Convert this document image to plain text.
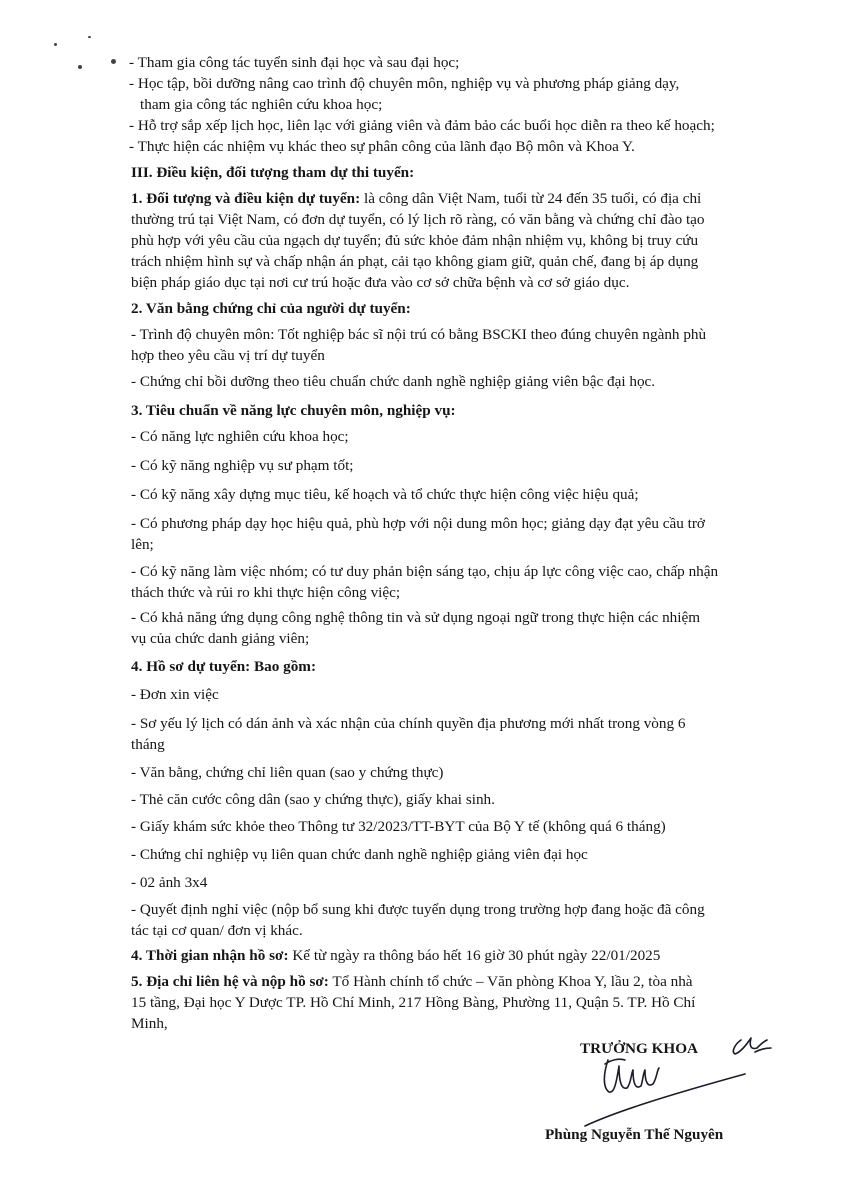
- Tham gia công tác tuyển sinh đại học và sau đại học;
- Học tập, bồi dưỡng nâng cao trình độ chuyên môn, nghiệp vụ và phương pháp giảng dạy,
tham gia công tác nghiên cứu khoa học;
- Hỗ trợ sắp xếp lịch học, liên lạc với giảng viên và đảm bảo các buổi học diễn ra theo kế hoạch;
- Thực hiện các nhiệm vụ khác theo sự phân công của lãnh đạo Bộ môn và Khoa Y.
III. Điều kiện, đối tượng tham dự thi tuyển:
1. Đối tượng và điều kiện dự tuyển: là công dân Việt Nam, tuổi từ 24 đến 35 tuổi, có địa chỉ
thường trú tại Việt Nam, có đơn dự tuyển, có lý lịch rõ ràng, có văn bằng và chứng chỉ đào tạo
phù hợp với yêu cầu của ngạch dự tuyển; đủ sức khỏe đảm nhận nhiệm vụ, không bị truy cứu
trách nhiệm hình sự và chấp nhận án phạt, cải tạo không giam giữ, quản chế, đang bị áp dụng
biện pháp giáo dục tại nơi cư trú hoặc đưa vào cơ sở chữa bệnh và cơ sở giáo dục.
2. Văn bằng chứng chỉ của người dự tuyển:
- Trình độ chuyên môn: Tốt nghiệp bác sĩ nội trú có bằng BSCKI theo đúng chuyên ngành phù
hợp theo yêu cầu vị trí dự tuyển
- Chứng chỉ bồi dưỡng theo tiêu chuẩn chức danh nghề nghiệp giảng viên bậc đại học.
3. Tiêu chuẩn về năng lực chuyên môn, nghiệp vụ:
- Có năng lực nghiên cứu khoa học;
- Có kỹ năng nghiệp vụ sư phạm tốt;
- Có kỹ năng xây dựng mục tiêu, kế hoạch và tổ chức thực hiện công việc hiệu quả;
- Có phương pháp dạy học hiệu quả, phù hợp với nội dung môn học; giảng dạy đạt yêu cầu trở
lên;
- Có kỹ năng làm việc nhóm; có tư duy phản biện sáng tạo, chịu áp lực công việc cao, chấp nhận
thách thức và rủi ro khi thực hiện công việc;
- Có khả năng ứng dụng công nghệ thông tin và sử dụng ngoại ngữ trong thực hiện các nhiệm
vụ của chức danh giảng viên;
4. Hồ sơ dự tuyển: Bao gồm:
- Đơn xin việc
- Sơ yếu lý lịch có dán ảnh và xác nhận của chính quyền địa phương mới nhất trong vòng 6
tháng
- Văn bằng, chứng chỉ liên quan (sao y chứng thực)
- Thẻ căn cước công dân (sao y chứng thực), giấy khai sinh.
- Giấy khám sức khỏe theo Thông tư 32/2023/TT-BYT của Bộ Y tế (không quá 6 tháng)
- Chứng chỉ nghiệp vụ liên quan chức danh nghề nghiệp giảng viên đại học
- 02 ảnh 3x4
- Quyết định nghỉ việc (nộp bổ sung khi được tuyển dụng trong trường hợp đang hoặc đã công
tác tại cơ quan/ đơn vị khác.
4. Thời gian nhận hồ sơ: Kể từ ngày ra thông báo hết 16 giờ 30 phút ngày 22/01/2025
5. Địa chỉ liên hệ và nộp hồ sơ: Tổ Hành chính tổ chức – Văn phòng Khoa Y, lầu 2, tòa nhà
15 tầng, Đại học Y Dược TP. Hồ Chí Minh, 217 Hồng Bàng, Phường 11, Quận 5. TP. Hồ Chí
Minh,
TRƯỞNG KHOA
Phùng Nguyễn Thế Nguyên
